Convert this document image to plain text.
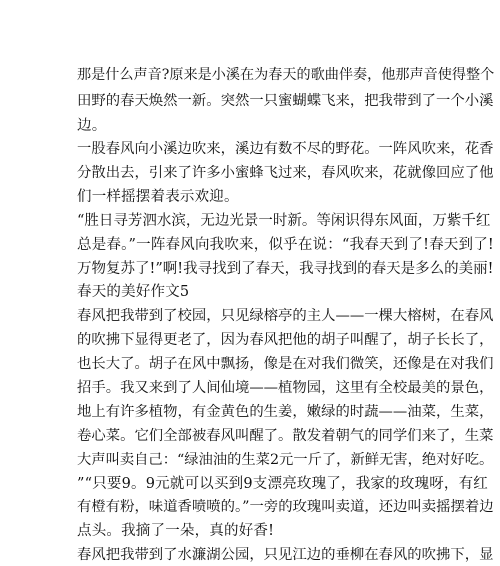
那是什么声音?原来是小溪在为春天的歌曲伴奏，他那声音使得整个
田野的春天焕然一新。突然一只蜜蝴蝶飞来，把我带到了一个小溪
边。
一股春风向小溪边吹来，溪边有数不尽的野花。一阵风吹来，花香
分散出去，引来了许多小蜜蜂飞过来，春风吹来，花就像回应了他
们一样摇摆着表示欢迎。
“胜日寻芳泗水滨，无边光景一时新。等闲识得东风面，万紫千红
总是春。”一阵春风向我吹来，似乎在说：“我春天到了!春天到了!
万物复苏了!”啊!我寻找到了春天，我寻找到的春天是多么的美丽!
春天的美好作文5
春风把我带到了校园，只见绿榕亭的主人——一棵大榕树，在春风
的吹拂下显得更老了，因为春风把他的胡子叫醒了，胡子长长了，
也长大了。胡子在风中飘扬，像是在对我们微笑，还像是在对我们
招手。我又来到了人间仙境——植物园，这里有全校最美的景色，
地上有许多植物，有金黄色的生姜，嫩绿的时蔬——油菜，生菜，
卷心菜。它们全部被春风叫醒了。散发着朝气的同学们来了，生菜
大声叫卖自己：“绿油油的生菜2元一斤了，新鲜无害，绝对好吃。
”“只要9。9元就可以买到9支漂亮玫瑰了，我家的玫瑰呀，有红
有橙有粉，味道香喷喷的。”一旁的玫瑰叫卖道，还边叫卖摇摆着边
点头。我摘了一朵，真的好香!
春风把我带到了水濂湖公园，只见江边的垂柳在春风的吹拂下，显
